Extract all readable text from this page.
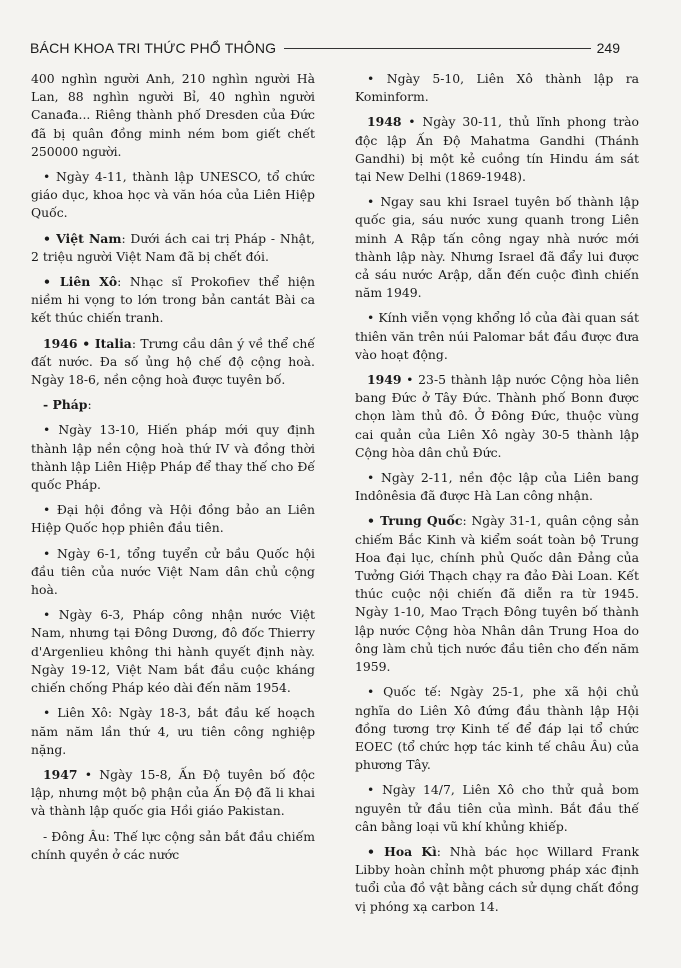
BÁCH KHOA TRI THỨC PHỔ THÔNG	249

400 nghìn người Anh, 210 nghìn người Hà Lan, 88 nghìn người Bỉ, 40 nghìn người Canađa... Riêng thành phố Dresden của Đức đã bị quân đồng minh ném bom giết chết 250000 người.

• Ngày 4-11, thành lập UNESCO, tổ chức giáo dục, khoa học và văn hóa của Liên Hiệp Quốc.

• Việt Nam: Dưới ách cai trị Pháp - Nhật, 2 triệu người Việt Nam đã bị chết đói.

• Liên Xô: Nhạc sĩ Prokofiev thể hiện niềm hi vọng to lớn trong bản cantát Bài ca kết thúc chiến tranh.

1946 • Italia: Trưng cầu dân ý về thể chế đất nước. Đa số ủng hộ chế độ cộng hoà. Ngày 18-6, nền cộng hoà được tuyên bố.

- Pháp:

• Ngày 13-10, Hiến pháp mới quy định thành lập nền cộng hoà thứ IV và đồng thời thành lập Liên Hiệp Pháp để thay thế cho Đế quốc Pháp.

• Đại hội đồng và Hội đồng bảo an Liên Hiệp Quốc họp phiên đầu tiên.

• Ngày 6-1, tổng tuyển cử bầu Quốc hội đầu tiên của nước Việt Nam dân chủ cộng hoà.

• Ngày 6-3, Pháp công nhận nước Việt Nam, nhưng tại Đông Dương, đô đốc Thierry d'Argenlieu không thi hành quyết định này. Ngày 19-12, Việt Nam bắt đầu cuộc kháng chiến chống Pháp kéo dài đến năm 1954.

• Liên Xô: Ngày 18-3, bắt đầu kế hoạch năm năm lần thứ 4, ưu tiên công nghiệp nặng.

1947 • Ngày 15-8, Ấn Độ tuyên bố độc lập, nhưng một bộ phận của Ấn Độ đã li khai và thành lập quốc gia Hồi giáo Pakistan.

- Đông Âu: Thế lực cộng sản bắt đầu chiếm chính quyền ở các nước

• Ngày 5-10, Liên Xô thành lập ra Kominform.

1948 • Ngày 30-11, thủ lĩnh phong trào độc lập Ấn Độ Mahatma Gandhi (Thánh Gandhi) bị một kẻ cuồng tín Hindu ám sát tại New Delhi (1869-1948).

• Ngay sau khi Israel tuyên bố thành lập quốc gia, sáu nước xung quanh trong Liên minh A Rập tấn công ngay nhà nước mới thành lập này. Nhưng Israel đã đẩy lui được cả sáu nước Arập, dẫn đến cuộc đình chiến năm 1949.

• Kính viễn vọng khổng lồ của đài quan sát thiên văn trên núi Palomar bắt đầu được đưa vào hoạt động.

1949 • 23-5 thành lập nước Cộng hòa liên bang Đức ở Tây Đức. Thành phố Bonn được chọn làm thủ đô. Ở Đông Đức, thuộc vùng cai quản của Liên Xô ngày 30-5 thành lập Cộng hòa dân chủ Đức.

• Ngày 2-11, nền độc lập của Liên bang Indônêsia đã được Hà Lan công nhận.

• Trung Quốc: Ngày 31-1, quân cộng sản chiếm Bắc Kinh và kiểm soát toàn bộ Trung Hoa đại lục, chính phủ Quốc dân Đảng của Tưởng Giới Thạch chạy ra đảo Đài Loan. Kết thúc cuộc nội chiến đã diễn ra từ 1945. Ngày 1-10, Mao Trạch Đông tuyên bố thành lập nước Cộng hòa Nhân dân Trung Hoa do ông làm chủ tịch nước đầu tiên cho đến năm 1959.

• Quốc tế: Ngày 25-1, phe xã hội chủ nghĩa do Liên Xô đứng đầu thành lập Hội đồng tương trợ Kinh tế để đáp lại tổ chức EOEC (tổ chức hợp tác kinh tế châu Âu) của phương Tây.

• Ngày 14/7, Liên Xô cho thử quả bom nguyên tử đầu tiên của mình. Bắt đầu thế cân bằng loại vũ khí khủng khiếp.

• Hoa Kì: Nhà bác học Willard Frank Libby hoàn chỉnh một phương pháp xác định tuổi của đồ vật bằng cách sử dụng chất đồng vị phóng xạ carbon 14.
